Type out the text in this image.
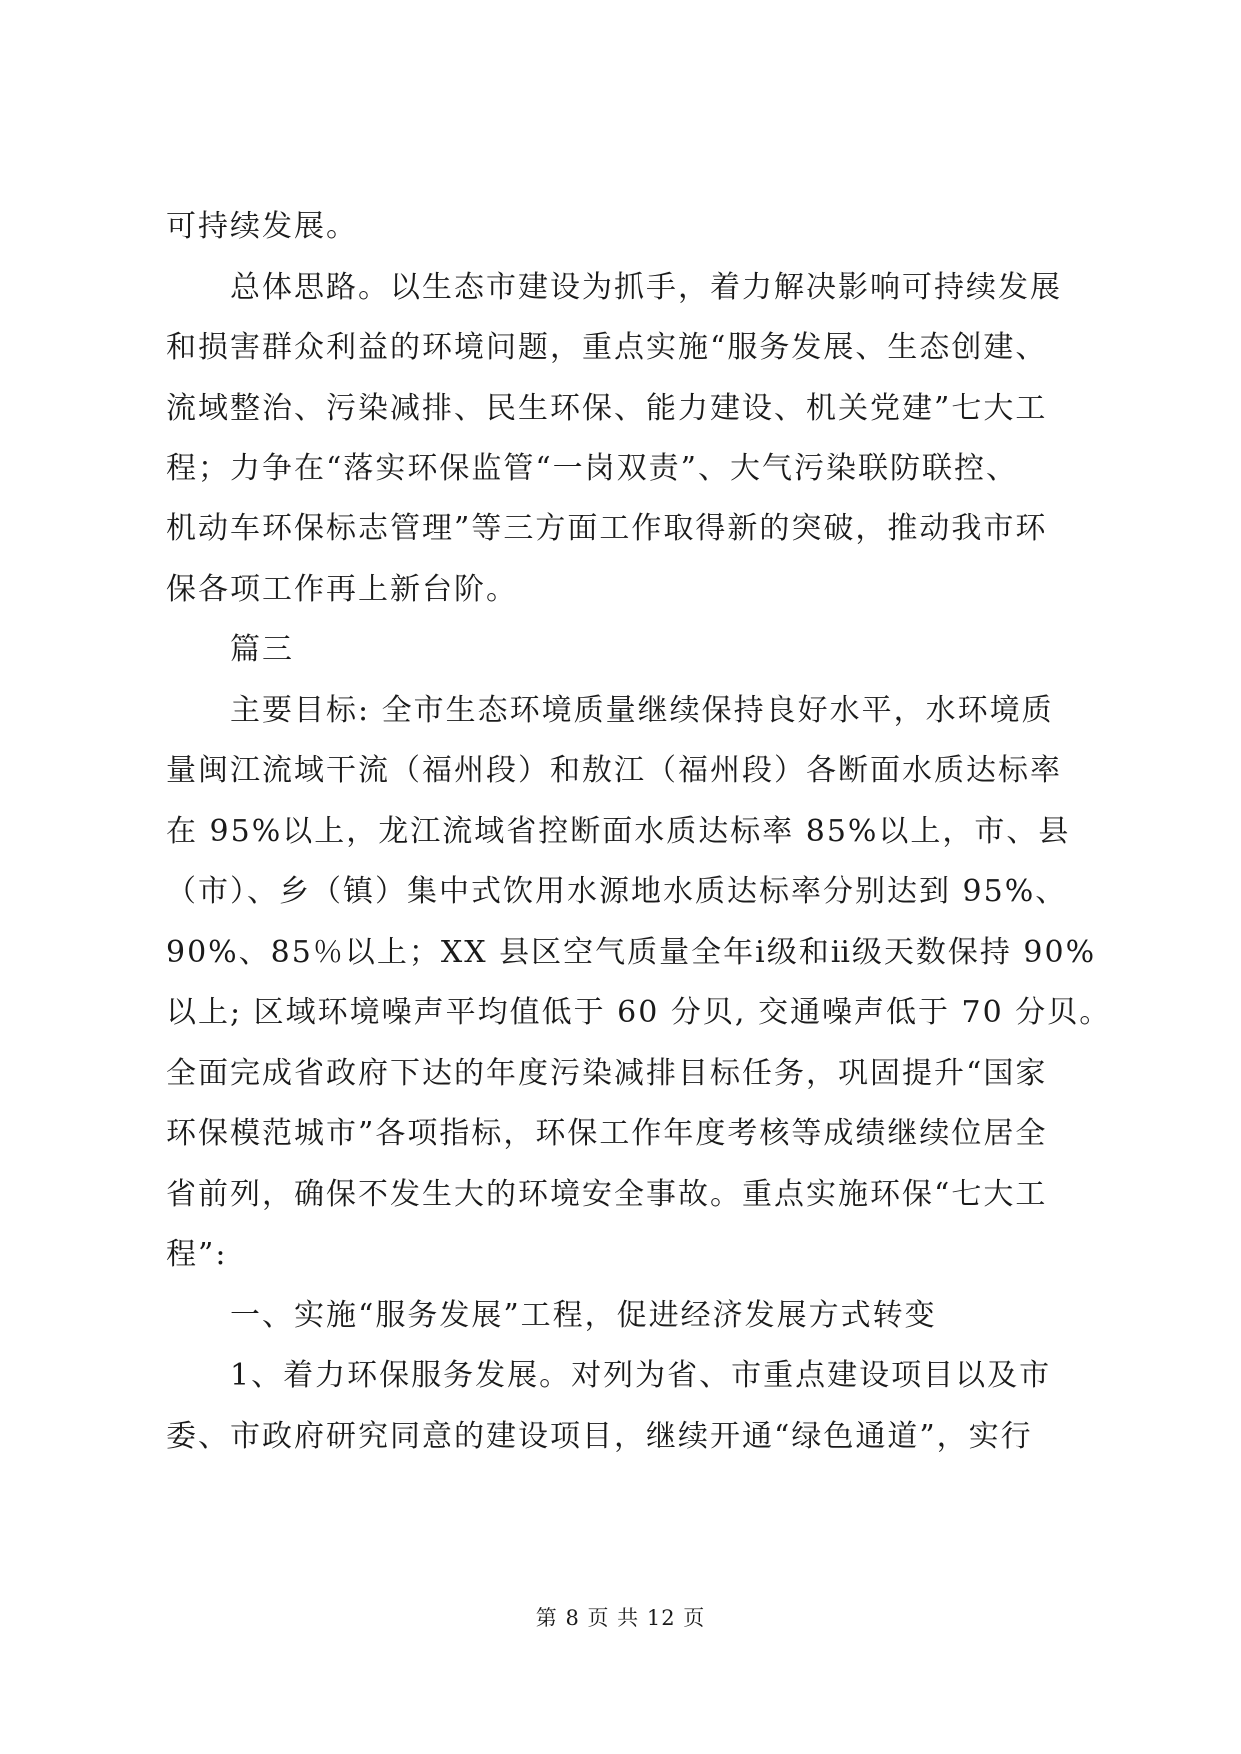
可持续发展。
总体思路。以生态市建设为抓手，着力解决影响可持续发展
和损害群众利益的环境问题，重点实施“服务发展、生态创建、
流域整治、污染减排、民生环保、能力建设、机关党建”七大工
程；力争在“落实环保监管“一岗双责”、大气污染联防联控、
机动车环保标志管理”等三方面工作取得新的突破，推动我市环
保各项工作再上新台阶。
篇三
主要目标: 全市生态环境质量继续保持良好水平，水环境质
量闽江流域干流（福州段）和敖江（福州段）各断面水质达标率
在 95%以上，龙江流域省控断面水质达标率 85%以上，市、县
（市）、乡（镇）集中式饮用水源地水质达标率分别达到 95%、
90%、85％以上；XX 县区空气质量全年ⅰ级和ⅱ级天数保持 90%
以上; 区域环境噪声平均值低于 60 分贝, 交通噪声低于 70 分贝。
全面完成省政府下达的年度污染减排目标任务，巩固提升“国家
环保模范城市”各项指标，环保工作年度考核等成绩继续位居全
省前列，确保不发生大的环境安全事故。重点实施环保“七大工
程”:
一、实施“服务发展”工程，促进经济发展方式转变
1、着力环保服务发展。对列为省、市重点建设项目以及市
委、市政府研究同意的建设项目，继续开通“绿色通道”，实行
第 8 页 共 12 页
